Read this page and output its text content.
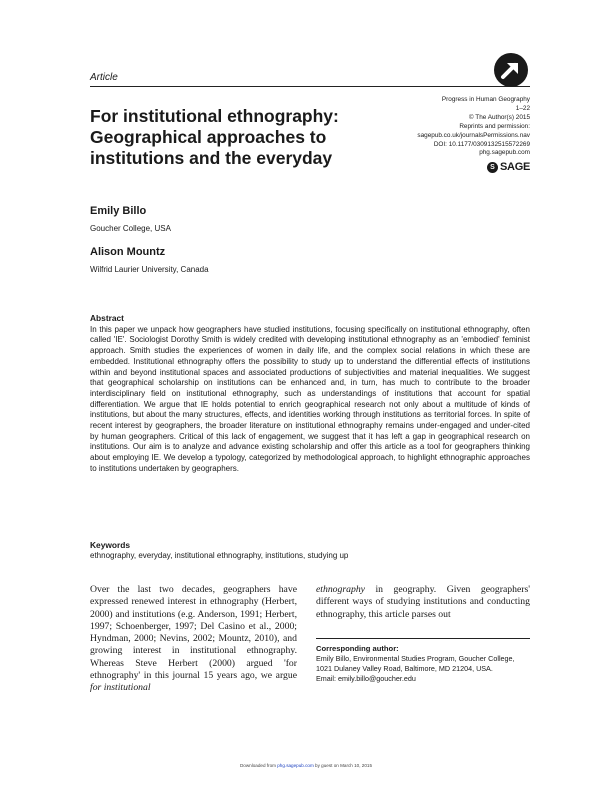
Article
Progress in Human Geography
1–22
© The Author(s) 2015
Reprints and permission:
sagepub.co.uk/journalsPermissions.nav
DOI: 10.1177/0309132515572269
phg.sagepub.com
S SAGE
For institutional ethnography: Geographical approaches to institutions and the everyday
Emily Billo
Goucher College, USA
Alison Mountz
Wilfrid Laurier University, Canada
Abstract

In this paper we unpack how geographers have studied institutions, focusing specifically on institutional ethnography, often called 'IE'. Sociologist Dorothy Smith is widely credited with developing institutional ethnography as an 'embodied' feminist approach. Smith studies the experiences of women in daily life, and the complex social relations in which these are embedded. Institutional ethnography offers the possibility to study up to understand the differential effects of institutions within and beyond institutional spaces and associated productions of subjectivities and material inequalities. We suggest that geographical scholarship on institutions can be enhanced and, in turn, has much to contribute to the broader interdisciplinary field on institutional ethnography, such as understandings of institutions that account for spatial differentiation. We argue that IE holds potential to enrich geographical research not only about a multitude of kinds of institutions, but about the many structures, effects, and identities working through institutions as territorial forces. In spite of recent interest by geographers, the broader literature on institutional ethnography remains under-engaged and under-cited by human geographers. Critical of this lack of engagement, we suggest that it has left a gap in geographical research on institutions. Our aim is to analyze and advance existing scholarship and offer this article as a tool for geographers thinking about employing IE. We develop a typology, categorized by methodological approach, to highlight ethnographic approaches to institutions undertaken by geographers.

Keywords
ethnography, everyday, institutional ethnography, institutions, studying up

Over the last two decades, geographers have expressed renewed interest in ethnography (Herbert, 2000) and institutions (e.g. Anderson, 1991; Herbert, 1997; Schoenberger, 1997; Del Casino et al., 2000; Hyndman, 2000; Nevins, 2002; Mountz, 2010), and growing interest in institutional ethnography. Whereas Steve Herbert (2000) argued 'for ethnography' in this journal 15 years ago, we argue for institutional

ethnography in geography. Given geographers' different ways of studying institutions and conducting ethnography, this article parses out

Corresponding author:

Emily Billo, Environmental Studies Program, Goucher College, 1021 Dulaney Valley Road, Baltimore, MD 21204, USA.

Email: emily.billo@goucher.edu

Downloaded from phg.sagepub.com by guest on March 10, 2015
